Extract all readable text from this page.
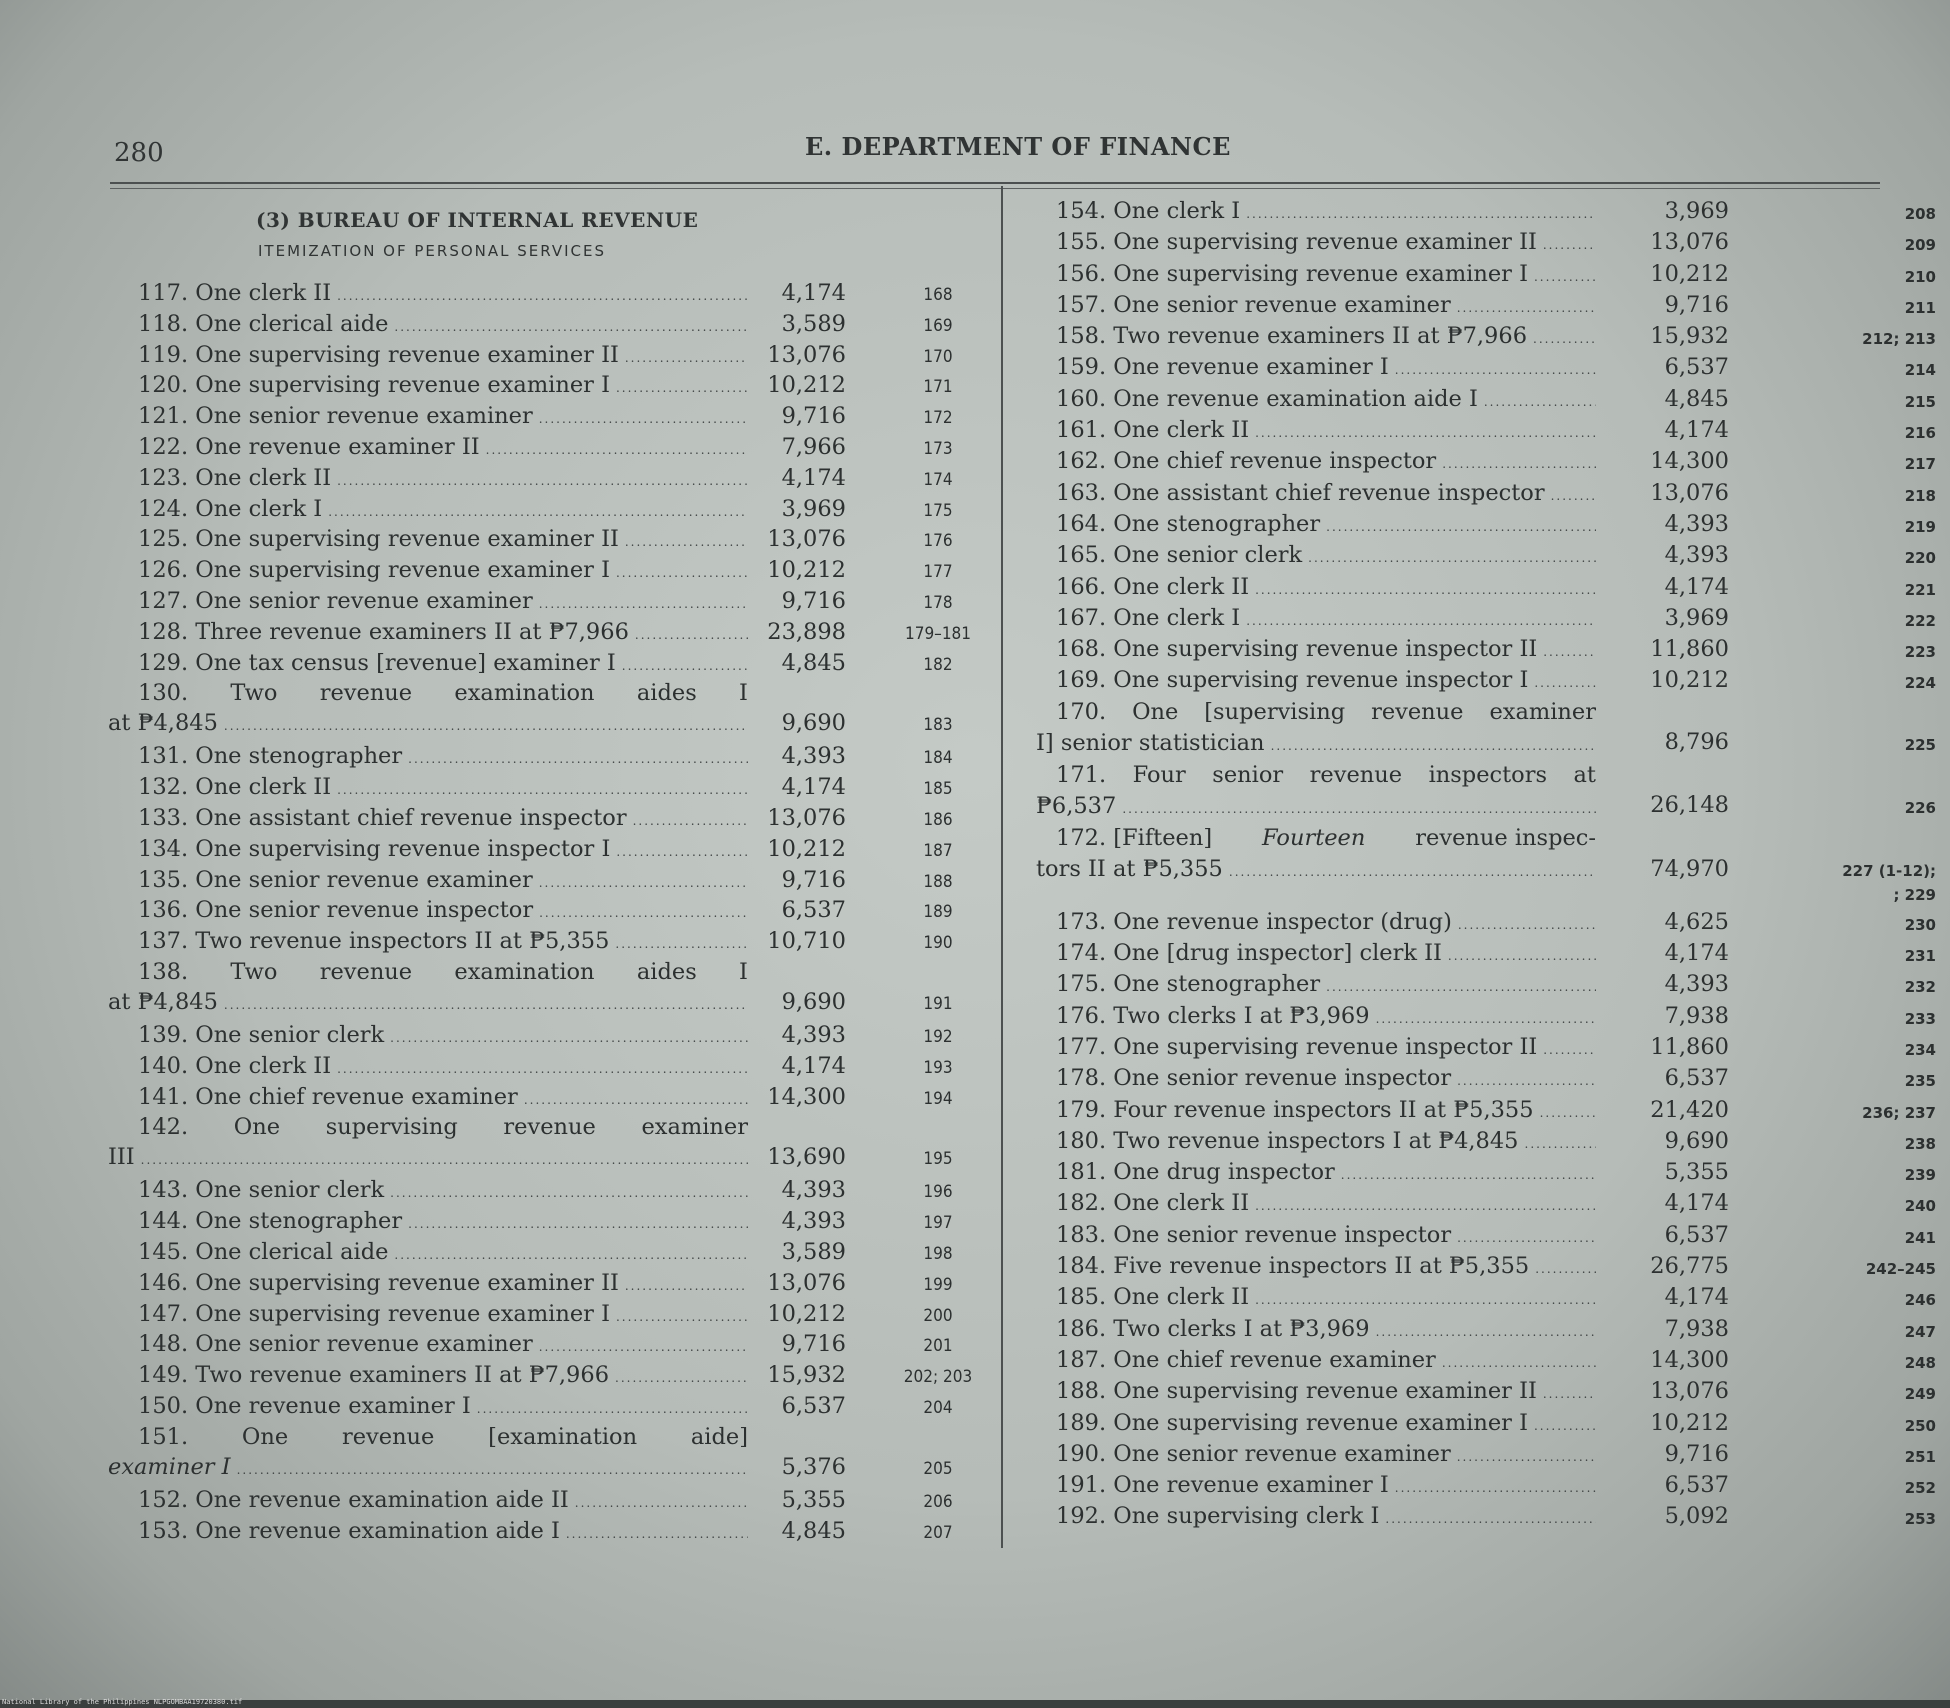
280	E. DEPARTMENT OF FINANCE
(3) BUREAU OF INTERNAL REVENUE
ITEMIZATION OF PERSONAL SERVICES
117. One clerk II .....	4,174	168
118. One clerical aide .....	3,589	169
119. One supervising revenue examiner II .....	13,076	170
120. One supervising revenue examiner I .....	10,212	171
121. One senior revenue examiner .....	9,716	172
122. One revenue examiner II .....	7,966	173
123. One clerk II .....	4,174	174
124. One clerk I .....	3,969	175
125. One supervising revenue examiner II .....	13,076	176
126. One supervising revenue examiner I .....	10,212	177
127. One senior revenue examiner .....	9,716	178
128. Three revenue examiners II at ₱7,966 .....	23,898	179–181
129. One tax census [revenue] examiner I .....	4,845	182
130. Two revenue examination aides I
at ₱4,845 .....	9,690	183
131. One stenographer .....	4,393	184
132. One clerk II .....	4,174	185
133. One assistant chief revenue inspector .....	13,076	186
134. One supervising revenue inspector I .....	10,212	187
135. One senior revenue examiner .....	9,716	188
136. One senior revenue inspector .....	6,537	189
137. Two revenue inspectors II at ₱5,355 .....	10,710	190
138. Two revenue examination aides I
at ₱4,845 .....	9,690	191
139. One senior clerk .....	4,393	192
140. One clerk II .....	4,174	193
141. One chief revenue examiner .....	14,300	194
142. One supervising revenue examiner
III .....	13,690	195
143. One senior clerk .....	4,393	196
144. One stenographer .....	4,393	197
145. One clerical aide .....	3,589	198
146. One supervising revenue examiner II .....	13,076	199
147. One supervising revenue examiner I .....	10,212	200
148. One senior revenue examiner .....	9,716	201
149. Two revenue examiners II at ₱7,966 .....	15,932	202; 203
150. One revenue examiner I .....	6,537	204
151. One revenue [examination aide]
examiner I .....	5,376	205
152. One revenue examination aide II .....	5,355	206
153. One revenue examination aide I .....	4,845	207
154. One clerk I .....	3,969	208
155. One supervising revenue examiner II .....	13,076	209
156. One supervising revenue examiner I .....	10,212	210
157. One senior revenue examiner .....	9,716	211
158. Two revenue examiners II at ₱7,966 .....	15,932	212; 213
159. One revenue examiner I .....	6,537	214
160. One revenue examination aide I .....	4,845	215
161. One clerk II .....	4,174	216
162. One chief revenue inspector .....	14,300	217
163. One assistant chief revenue inspector .....	13,076	218
164. One stenographer .....	4,393	219
165. One senior clerk .....	4,393	220
166. One clerk II .....	4,174	221
167. One clerk I .....	3,969	222
168. One supervising revenue inspector II .....	11,860	223
169. One supervising revenue inspector I .....	10,212	224
170. One [supervising revenue examiner
I] senior statistician .....	8,796	225
171. Four senior revenue inspectors at
₱6,537 .....	26,148	226
172. [Fifteen] Fourteen revenue inspec-
tors II at ₱5,355 .....	74,970	227 (1-12);
; 229
173. One revenue inspector (drug) .....	4,625	230
174. One [drug inspector] clerk II .....	4,174	231
175. One stenographer .....	4,393	232
176. Two clerks I at ₱3,969 .....	7,938	233
177. One supervising revenue inspector II .....	11,860	234
178. One senior revenue inspector .....	6,537	235
179. Four revenue inspectors II at ₱5,355 .....	21,420	236; 237
180. Two revenue inspectors I at ₱4,845 .....	9,690	238
181. One drug inspector .....	5,355	239
182. One clerk II .....	4,174	240
183. One senior revenue inspector .....	6,537	241
184. Five revenue inspectors II at ₱5,355 .....	26,775	242–245
185. One clerk II .....	4,174	246
186. Two clerks I at ₱3,969 .....	7,938	247
187. One chief revenue examiner .....	14,300	248
188. One supervising revenue examiner II .....	13,076	249
189. One supervising revenue examiner I .....	10,212	250
190. One senior revenue examiner .....	9,716	251
191. One revenue examiner I .....	6,537	252
192. One supervising clerk I .....	5,092	253
National Library of the Philippines NLPGOMBAA19720380.tif
